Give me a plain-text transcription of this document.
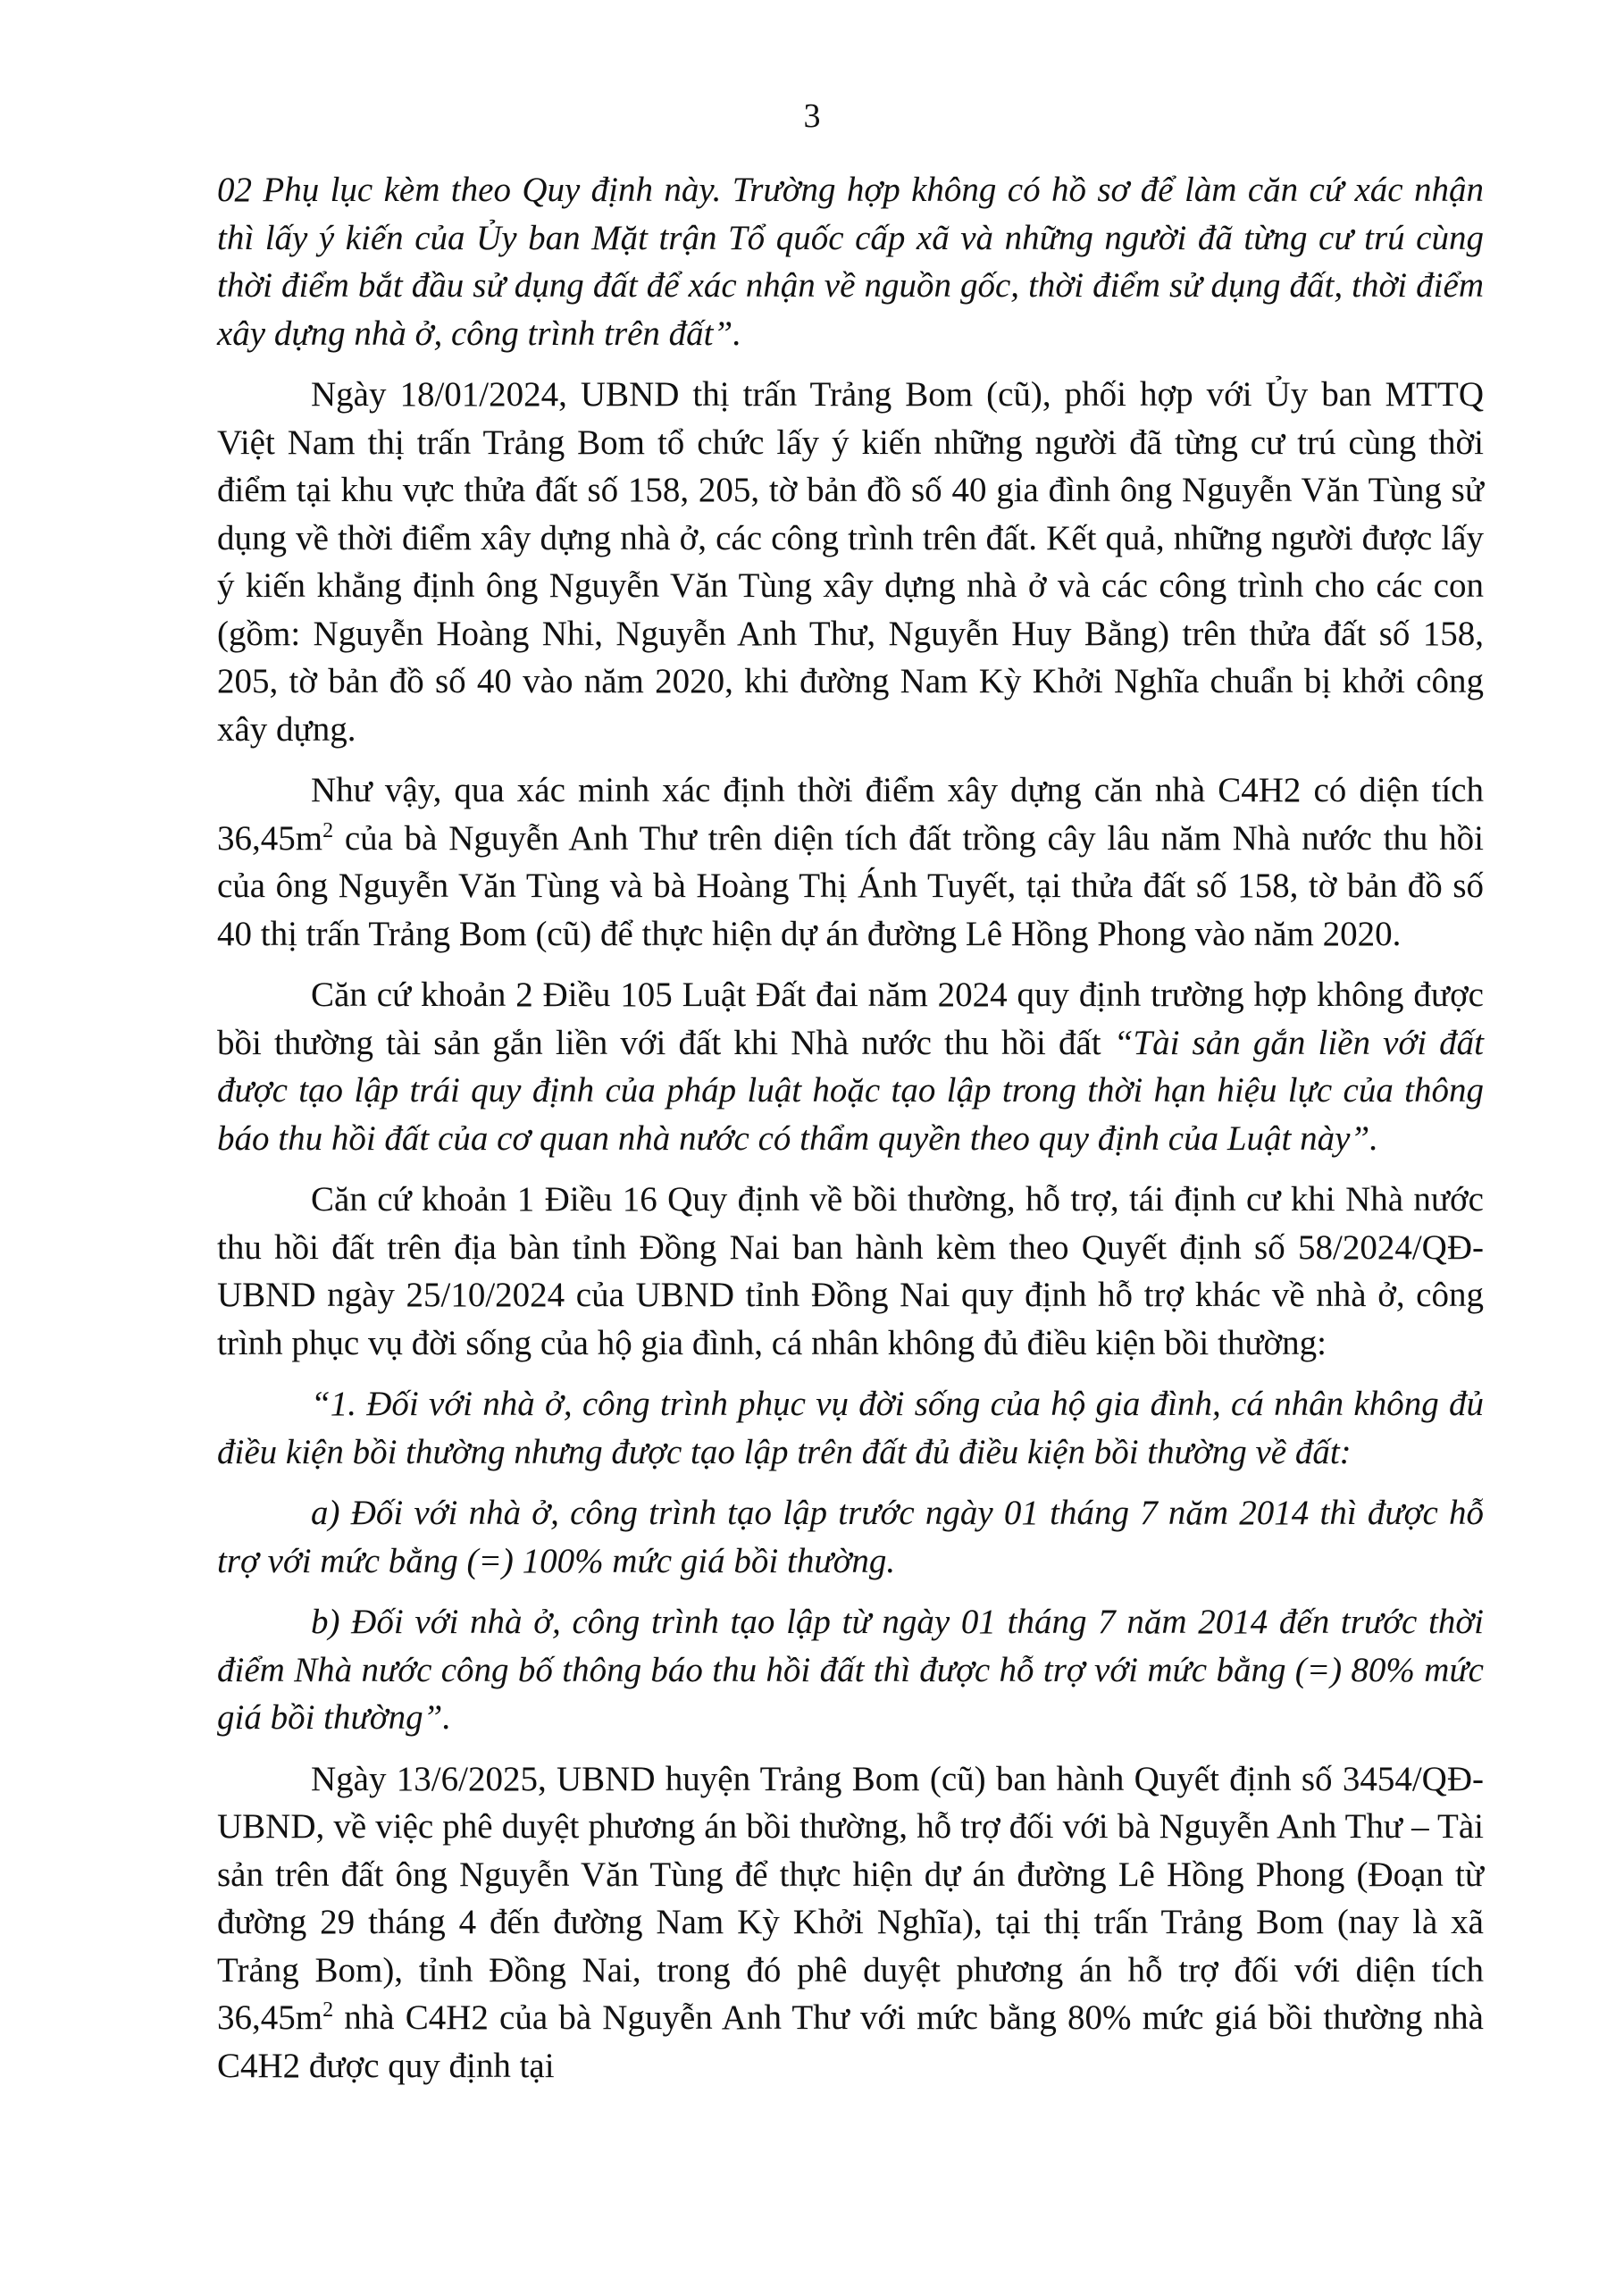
3

02 Phụ lục kèm theo Quy định này. Trường hợp không có hồ sơ để làm căn cứ xác nhận thì lấy ý kiến của Ủy ban Mặt trận Tổ quốc cấp xã và những người đã từng cư trú cùng thời điểm bắt đầu sử dụng đất để xác nhận về nguồn gốc, thời điểm sử dụng đất, thời điểm xây dựng nhà ở, công trình trên đất”.

Ngày 18/01/2024, UBND thị trấn Trảng Bom (cũ), phối hợp với Ủy ban MTTQ Việt Nam thị trấn Trảng Bom tổ chức lấy ý kiến những người đã từng cư trú cùng thời điểm tại khu vực thửa đất số 158, 205, tờ bản đồ số 40 gia đình ông Nguyễn Văn Tùng sử dụng về thời điểm xây dựng nhà ở, các công trình trên đất. Kết quả, những người được lấy ý kiến khẳng định ông Nguyễn Văn Tùng xây dựng nhà ở và các công trình cho các con (gồm: Nguyễn Hoàng Nhi, Nguyễn Anh Thư, Nguyễn Huy Bằng) trên thửa đất số 158, 205, tờ bản đồ số 40 vào năm 2020, khi đường Nam Kỳ Khởi Nghĩa chuẩn bị khởi công xây dựng.

Như vậy, qua xác minh xác định thời điểm xây dựng căn nhà C4H2 có diện tích $36,45m^2$ của bà Nguyễn Anh Thư trên diện tích đất trồng cây lâu năm Nhà nước thu hồi của ông Nguyễn Văn Tùng và bà Hoàng Thị Ánh Tuyết, tại thửa đất số 158, tờ bản đồ số 40 thị trấn Trảng Bom (cũ) để thực hiện dự án đường Lê Hồng Phong vào năm 2020.

Căn cứ khoản 2 Điều 105 Luật Đất đai năm 2024 quy định trường hợp không được bồi thường tài sản gắn liền với đất khi Nhà nước thu hồi đất “Tài sản gắn liền với đất được tạo lập trái quy định của pháp luật hoặc tạo lập trong thời hạn hiệu lực của thông báo thu hồi đất của cơ quan nhà nước có thẩm quyền theo quy định của Luật này”.

Căn cứ khoản 1 Điều 16 Quy định về bồi thường, hỗ trợ, tái định cư khi Nhà nước thu hồi đất trên địa bàn tỉnh Đồng Nai ban hành kèm theo Quyết định số 58/2024/QĐ-UBND ngày 25/10/2024 của UBND tỉnh Đồng Nai quy định hỗ trợ khác về nhà ở, công trình phục vụ đời sống của hộ gia đình, cá nhân không đủ điều kiện bồi thường:

“1. Đối với nhà ở, công trình phục vụ đời sống của hộ gia đình, cá nhân không đủ điều kiện bồi thường nhưng được tạo lập trên đất đủ điều kiện bồi thường về đất:

a) Đối với nhà ở, công trình tạo lập trước ngày 01 tháng 7 năm 2014 thì được hỗ trợ với mức bằng (=) 100% mức giá bồi thường.

b) Đối với nhà ở, công trình tạo lập từ ngày 01 tháng 7 năm 2014 đến trước thời điểm Nhà nước công bố thông báo thu hồi đất thì được hỗ trợ với mức bằng (=) 80% mức giá bồi thường”.

Ngày 13/6/2025, UBND huyện Trảng Bom (cũ) ban hành Quyết định số 3454/QĐ-UBND, về việc phê duyệt phương án bồi thường, hỗ trợ đối với bà Nguyễn Anh Thư – Tài sản trên đất ông Nguyễn Văn Tùng để thực hiện dự án đường Lê Hồng Phong (Đoạn từ đường 29 tháng 4 đến đường Nam Kỳ Khởi Nghĩa), tại thị trấn Trảng Bom (nay là xã Trảng Bom), tỉnh Đồng Nai, trong đó phê duyệt phương án hỗ trợ đối với diện tích $36,45m^2$ nhà C4H2 của bà Nguyễn Anh Thư với mức bằng 80% mức giá bồi thường nhà C4H2 được quy định tại
